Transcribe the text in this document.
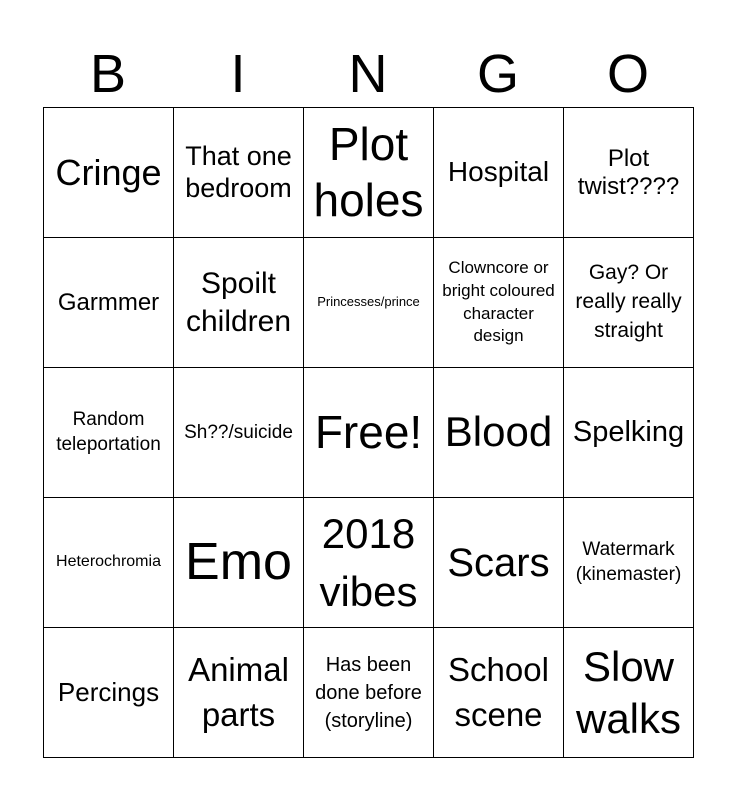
B	I	N	G	O
Cringe	That one bedroom	Plot holes	Hospital	Plot twist????
Garmmer	Spoilt children	Princesses/prince	Clowncore or bright coloured character design	Gay? Or really really straight
Random teleportation	Sh??/suicide	Free!	Blood	Spelking
Heterochromia	Emo	2018 vibes	Scars	Watermark (kinemaster)
Percings	Animal parts	Has been done before (storyline)	School scene	Slow walks
